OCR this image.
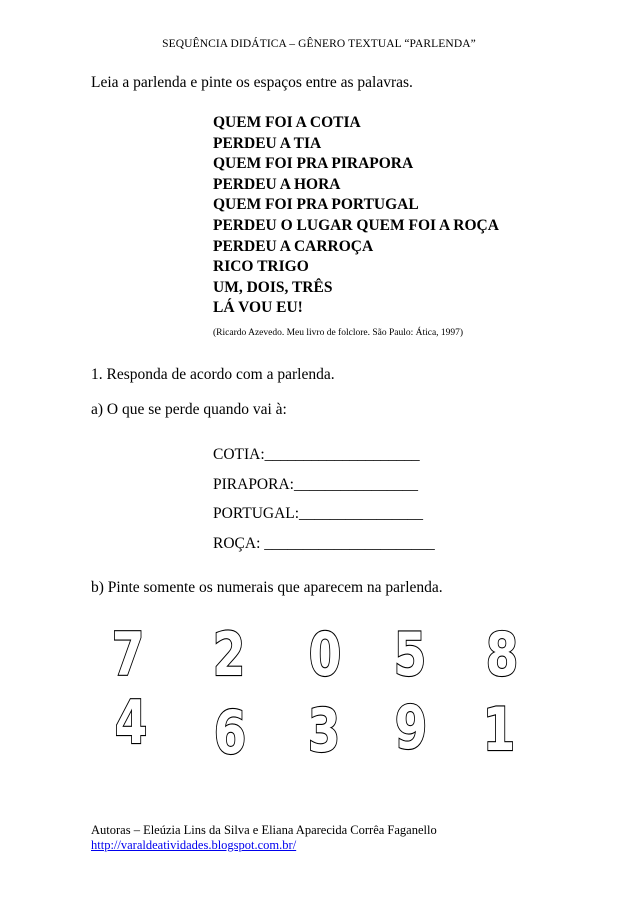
SEQUÊNCIA DIDÁTICA – GÊNERO TEXTUAL “PARLENDA”
Leia a parlenda e pinte os espaços entre as palavras.
QUEM FOI A COTIA
PERDEU A TIA
QUEM FOI PRA PIRAPORA
PERDEU A HORA
QUEM FOI PRA PORTUGAL
PERDEU O LUGAR QUEM FOI A ROÇA
PERDEU A CARROÇA
RICO TRIGO
UM, DOIS, TRÊS
LÁ VOU EU!
(Ricardo Azevedo. Meu livro de folclore. São Paulo: Ática, 1997)
1. Responda de acordo com a parlenda.
a) O que se perde quando vai à:
COTIA:____________________
PIRAPORA:________________
PORTUGAL:________________
ROÇA: ______________________
b) Pinte somente os numerais que aparecem na parlenda.
7 2 0 5 8
4 6 3 9 1
Autoras – Eleúzia Lins da Silva e Eliana Aparecida Corrêa Faganello
http://varaldeatividades.blogspot.com.br/
